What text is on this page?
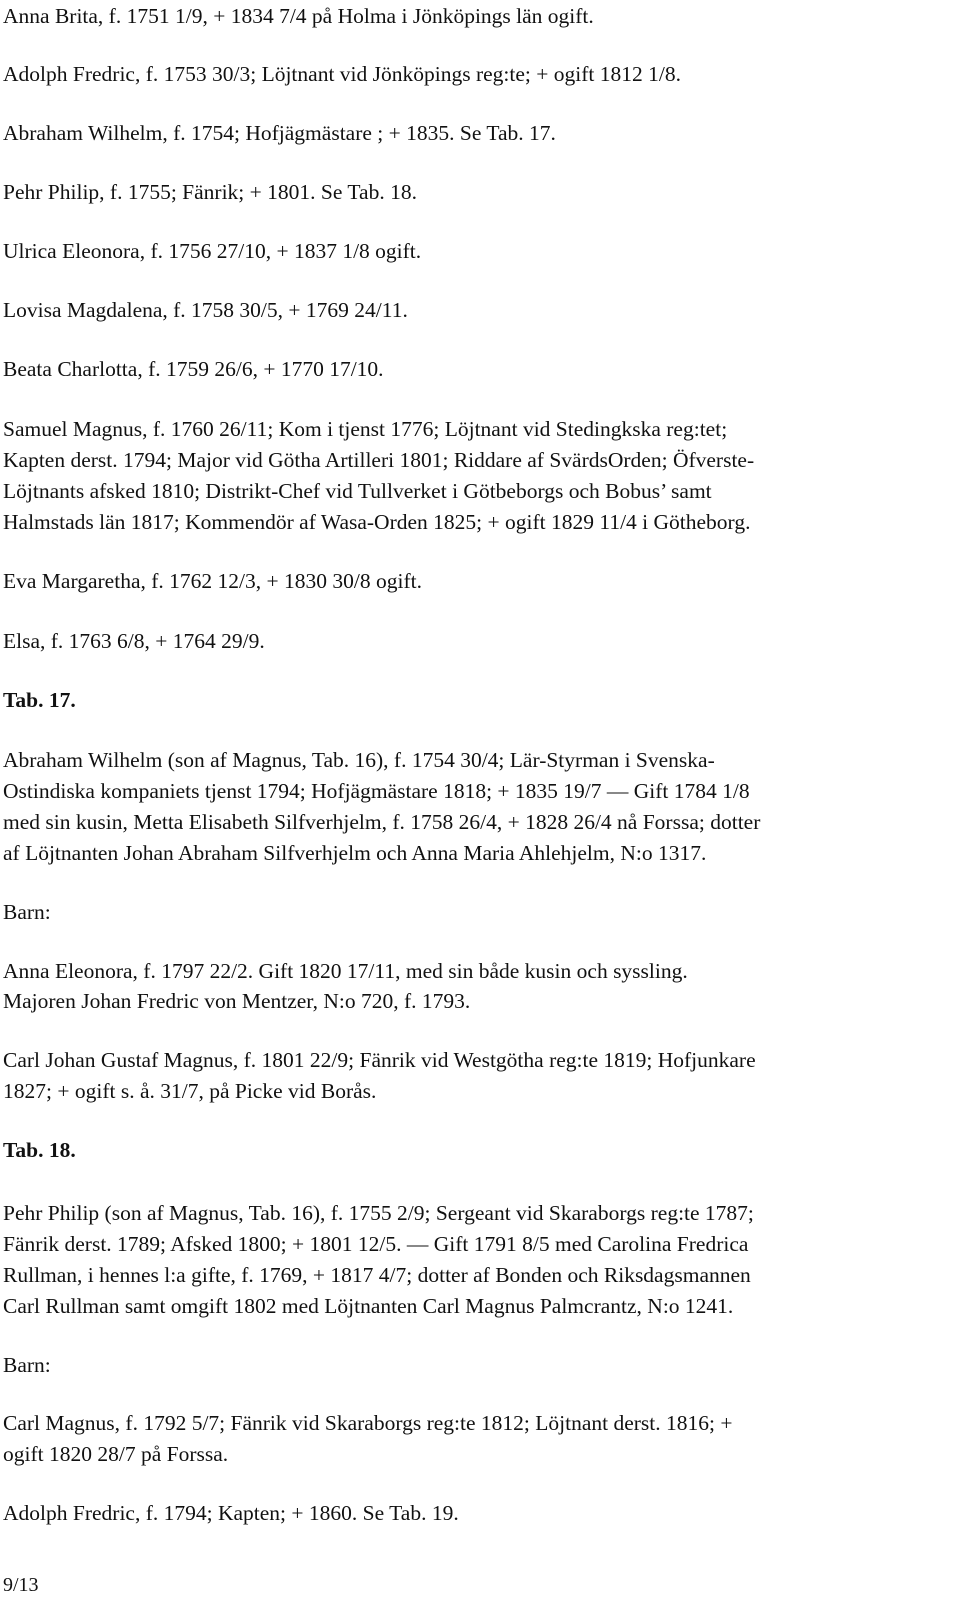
Anna Brita, f. 1751 1/9, + 1834 7/4 på Holma i Jönköpings län ogift.
Adolph Fredric, f. 1753 30/3; Löjtnant vid Jönköpings reg:te; + ogift 1812 1/8.
Abraham Wilhelm, f. 1754; Hofjägmästare ; + 1835. Se Tab. 17.
Pehr Philip, f. 1755; Fänrik; + 1801. Se Tab. 18.
Ulrica Eleonora, f. 1756 27/10, + 1837 1/8 ogift.
Lovisa Magdalena, f. 1758 30/5, + 1769 24/11.
Beata Charlotta, f. 1759 26/6, + 1770 17/10.
Samuel Magnus, f. 1760 26/11; Kom i tjenst 1776; Löjtnant vid Stedingkska reg:tet;
Kapten derst. 1794; Major vid Götha Artilleri 1801; Riddare af SvärdsOrden; Öfverste-
Löjtnants afsked 1810; Distrikt-Chef vid Tullverket i Götbeborgs och Bobus’ samt
Halmstads län 1817; Kommendör af Wasa-Orden 1825; + ogift 1829 11/4 i Götheborg.
Eva Margaretha, f. 1762 12/3, + 1830 30/8 ogift.
Elsa, f. 1763 6/8, + 1764 29/9.
Tab. 17.
Abraham Wilhelm (son af Magnus, Tab. 16), f. 1754 30/4; Lär-Styrman i Svenska-
Ostindiska kompaniets tjenst 1794; Hofjägmästare 1818; + 1835 19/7 — Gift 1784 1/8
med sin kusin, Metta Elisabeth Silfverhjelm, f. 1758 26/4, + 1828 26/4 nå Forssa; dotter
af Löjtnanten Johan Abraham Silfverhjelm och Anna Maria Ahlehjelm, N:o 1317.
Barn:
Anna Eleonora, f. 1797 22/2. Gift 1820 17/11, med sin både kusin och syssling.
Majoren Johan Fredric von Mentzer, N:o 720, f. 1793.
Carl Johan Gustaf Magnus, f. 1801 22/9; Fänrik vid Westgötha reg:te 1819; Hofjunkare
1827; + ogift s. å. 31/7, på Picke vid Borås.
Tab. 18.
Pehr Philip (son af Magnus, Tab. 16), f. 1755 2/9; Sergeant vid Skaraborgs reg:te 1787;
Fänrik derst. 1789; Afsked 1800; + 1801 12/5. — Gift 1791 8/5 med Carolina Fredrica
Rullman, i hennes l:a gifte, f. 1769, + 1817 4/7; dotter af Bonden och Riksdagsmannen
Carl Rullman samt omgift 1802 med Löjtnanten Carl Magnus Palmcrantz, N:o 1241.
Barn:
Carl Magnus, f. 1792 5/7; Fänrik vid Skaraborgs reg:te 1812; Löjtnant derst. 1816; +
ogift 1820 28/7 på Forssa.
Adolph Fredric, f. 1794; Kapten; + 1860. Se Tab. 19.
9/13
